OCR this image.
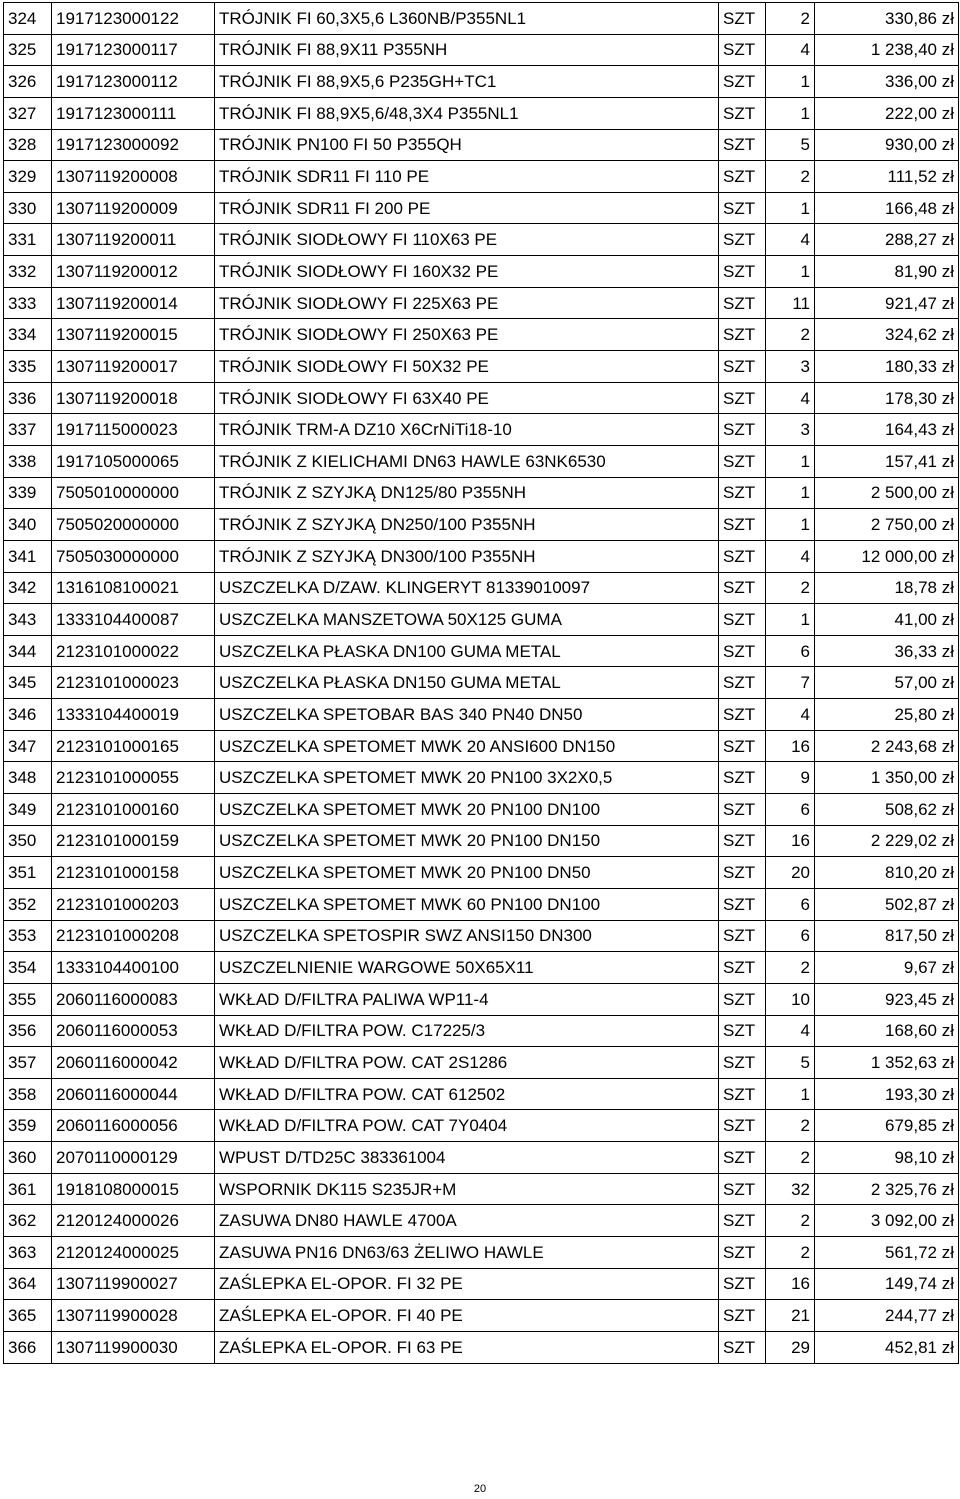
324	1917123000122	TRÓJNIK FI 60,3X5,6 L360NB/P355NL1	SZT	2	330,86 zł
325	1917123000117	TRÓJNIK FI 88,9X11 P355NH	SZT	4	1 238,40 zł
326	1917123000112	TRÓJNIK FI 88,9X5,6 P235GH+TC1	SZT	1	336,00 zł
327	1917123000111	TRÓJNIK FI 88,9X5,6/48,3X4 P355NL1	SZT	1	222,00 zł
328	1917123000092	TRÓJNIK PN100 FI 50 P355QH	SZT	5	930,00 zł
329	1307119200008	TRÓJNIK SDR11 FI 110 PE	SZT	2	111,52 zł
330	1307119200009	TRÓJNIK SDR11 FI 200 PE	SZT	1	166,48 zł
331	1307119200011	TRÓJNIK SIODŁOWY FI 110X63 PE	SZT	4	288,27 zł
332	1307119200012	TRÓJNIK SIODŁOWY FI 160X32 PE	SZT	1	81,90 zł
333	1307119200014	TRÓJNIK SIODŁOWY FI 225X63 PE	SZT	11	921,47 zł
334	1307119200015	TRÓJNIK SIODŁOWY FI 250X63 PE	SZT	2	324,62 zł
335	1307119200017	TRÓJNIK SIODŁOWY FI 50X32 PE	SZT	3	180,33 zł
336	1307119200018	TRÓJNIK SIODŁOWY FI 63X40 PE	SZT	4	178,30 zł
337	1917115000023	TRÓJNIK TRM-A DZ10 X6CrNiTi18-10	SZT	3	164,43 zł
338	1917105000065	TRÓJNIK Z KIELICHAMI DN63 HAWLE 63NK6530	SZT	1	157,41 zł
339	7505010000000	TRÓJNIK Z SZYJKĄ DN125/80 P355NH	SZT	1	2 500,00 zł
340	7505020000000	TRÓJNIK Z SZYJKĄ DN250/100 P355NH	SZT	1	2 750,00 zł
341	7505030000000	TRÓJNIK Z SZYJKĄ DN300/100 P355NH	SZT	4	12 000,00 zł
342	1316108100021	USZCZELKA D/ZAW. KLINGERYT 81339010097	SZT	2	18,78 zł
343	1333104400087	USZCZELKA MANSZETOWA 50X125 GUMA	SZT	1	41,00 zł
344	2123101000022	USZCZELKA PŁASKA DN100 GUMA METAL	SZT	6	36,33 zł
345	2123101000023	USZCZELKA PŁASKA DN150 GUMA METAL	SZT	7	57,00 zł
346	1333104400019	USZCZELKA SPETOBAR BAS 340 PN40 DN50	SZT	4	25,80 zł
347	2123101000165	USZCZELKA SPETOMET MWK 20 ANSI600 DN150	SZT	16	2 243,68 zł
348	2123101000055	USZCZELKA SPETOMET MWK 20 PN100 3X2X0,5	SZT	9	1 350,00 zł
349	2123101000160	USZCZELKA SPETOMET MWK 20 PN100 DN100	SZT	6	508,62 zł
350	2123101000159	USZCZELKA SPETOMET MWK 20 PN100 DN150	SZT	16	2 229,02 zł
351	2123101000158	USZCZELKA SPETOMET MWK 20 PN100 DN50	SZT	20	810,20 zł
352	2123101000203	USZCZELKA SPETOMET MWK 60 PN100 DN100	SZT	6	502,87 zł
353	2123101000208	USZCZELKA SPETOSPIR SWZ ANSI150 DN300	SZT	6	817,50 zł
354	1333104400100	USZCZELNIENIE WARGOWE 50X65X11	SZT	2	9,67 zł
355	2060116000083	WKŁAD D/FILTRA PALIWA WP11-4	SZT	10	923,45 zł
356	2060116000053	WKŁAD D/FILTRA POW. C17225/3	SZT	4	168,60 zł
357	2060116000042	WKŁAD D/FILTRA POW. CAT 2S1286	SZT	5	1 352,63 zł
358	2060116000044	WKŁAD D/FILTRA POW. CAT 612502	SZT	1	193,30 zł
359	2060116000056	WKŁAD D/FILTRA POW. CAT 7Y0404	SZT	2	679,85 zł
360	2070110000129	WPUST D/TD25C 383361004	SZT	2	98,10 zł
361	1918108000015	WSPORNIK DK115 S235JR+M	SZT	32	2 325,76 zł
362	2120124000026	ZASUWA DN80 HAWLE 4700A	SZT	2	3 092,00 zł
363	2120124000025	ZASUWA PN16 DN63/63 ŻELIWO HAWLE	SZT	2	561,72 zł
364	1307119900027	ZAŚLEPKA EL-OPOR. FI 32 PE	SZT	16	149,74 zł
365	1307119900028	ZAŚLEPKA EL-OPOR. FI 40 PE	SZT	21	244,77 zł
366	1307119900030	ZAŚLEPKA EL-OPOR. FI 63 PE	SZT	29	452,81 zł
20
